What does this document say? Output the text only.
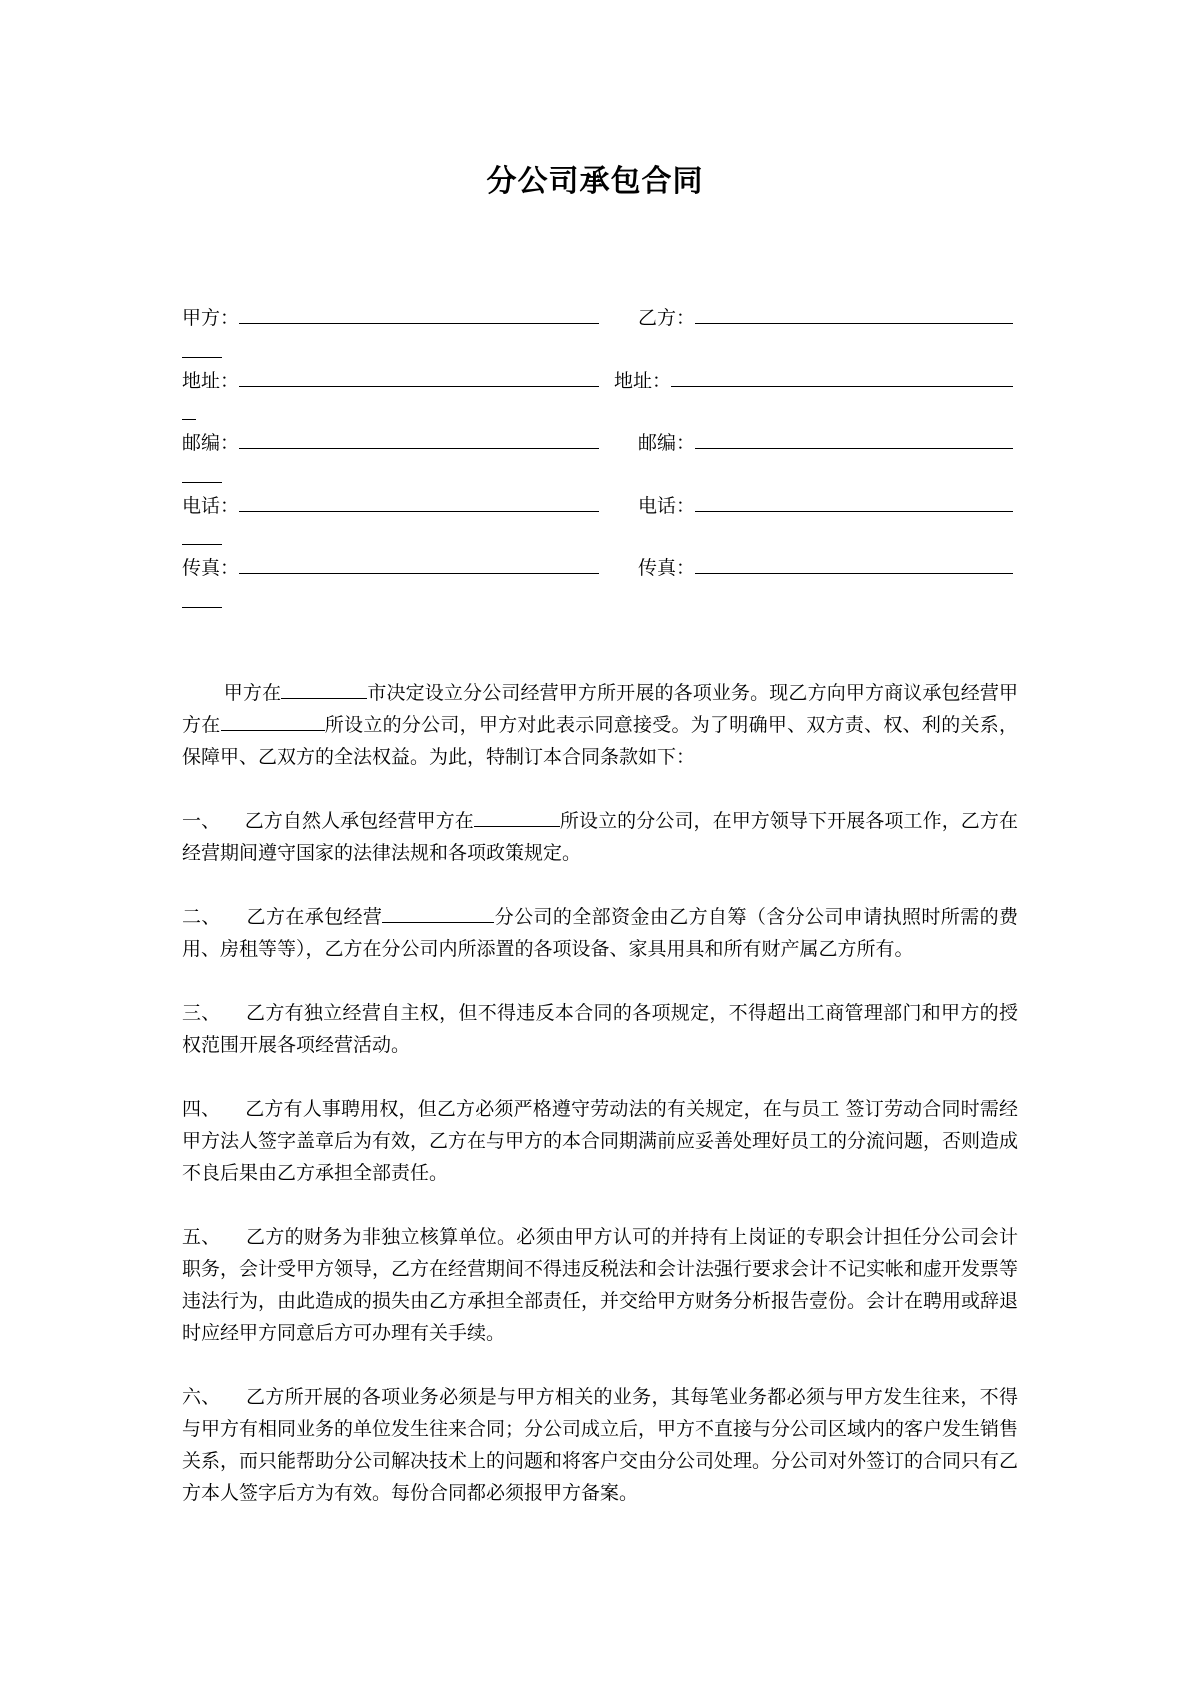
分公司承包合同
甲方：	乙方：
地址：	地址：
邮编：	邮编：
电话：	电话：
传真：	传真：

甲方在	市决定设立分公司经营甲方所开展的各项业务。现乙方向甲方商议承包经营甲方在	所设立的分公司，甲方对此表示同意接受。为了明确甲、双方责、权、利的关系，保障甲、乙双方的全法权益。为此，特制订本合同条款如下：

一、 乙方自然人承包经营甲方在	所设立的分公司，在甲方领导下开展各项工作，乙方在经营期间遵守国家的法律法规和各项政策规定。

二、 乙方在承包经营	分公司的全部资金由乙方自筹（含分公司申请执照时所需的费用、房租等等），乙方在分公司内所添置的各项设备、家具用具和所有财产属乙方所有。

三、 乙方有独立经营自主权，但不得违反本合同的各项规定，不得超出工商管理部门和甲方的授权范围开展各项经营活动。

四、 乙方有人事聘用权，但乙方必须严格遵守劳动法的有关规定，在与员工 签订劳动合同时需经甲方法人签字盖章后为有效，乙方在与甲方的本合同期满前应妥善处理好员工的分流问题，否则造成不良后果由乙方承担全部责任。

五、 乙方的财务为非独立核算单位。必须由甲方认可的并持有上岗证的专职会计担任分公司会计职务，会计受甲方领导，乙方在经营期间不得违反税法和会计法强行要求会计不记实帐和虚开发票等违法行为，由此造成的损失由乙方承担全部责任，并交给甲方财务分析报告壹份。会计在聘用或辞退时应经甲方同意后方可办理有关手续。

六、 乙方所开展的各项业务必须是与甲方相关的业务，其每笔业务都必须与甲方发生往来，不得与甲方有相同业务的单位发生往来合同；分公司成立后，甲方不直接与分公司区域内的客户发生销售关系，而只能帮助分公司解决技术上的问题和将客户交由分公司处理。分公司对外签订的合同只有乙方本人签字后方为有效。每份合同都必须报甲方备案。
